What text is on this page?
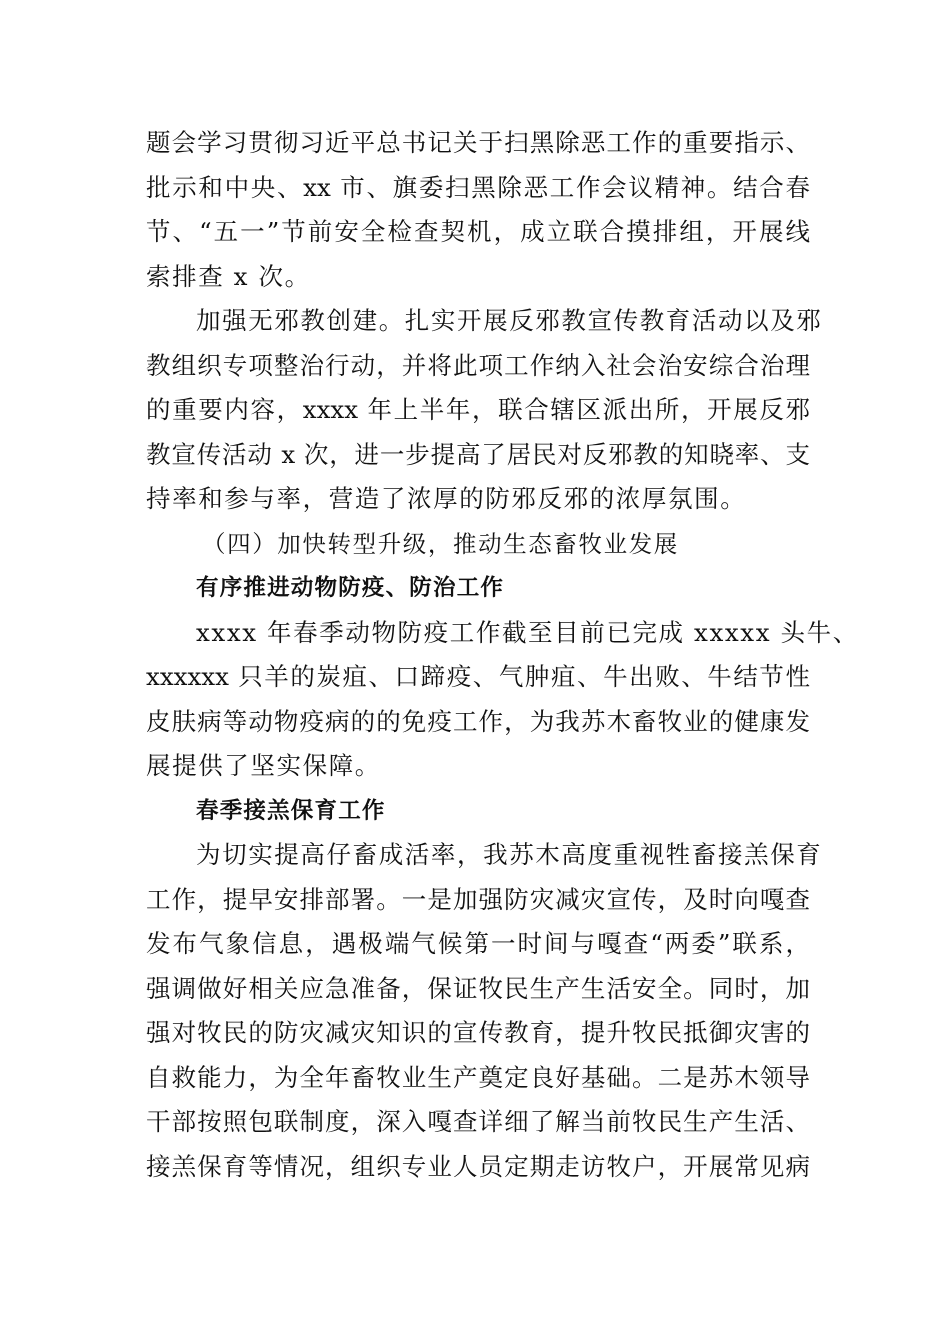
题会学习贯彻习近平总书记关于扫黑除恶工作的重要指示、
批示和中央、xx 市、旗委扫黑除恶工作会议精神。结合春
节、“五一”节前安全检查契机，成立联合摸排组，开展线
索排查 x 次。
加强无邪教创建。扎实开展反邪教宣传教育活动以及邪
教组织专项整治行动，并将此项工作纳入社会治安综合治理
的重要内容，xxxx 年上半年，联合辖区派出所，开展反邪
教宣传活动 x 次，进一步提高了居民对反邪教的知晓率、支
持率和参与率，营造了浓厚的防邪反邪的浓厚氛围。
（四）加快转型升级，推动生态畜牧业发展
有序推进动物防疫、防治工作
xxxx 年春季动物防疫工作截至目前已完成 xxxxx 头牛、
xxxxxx 只羊的炭疽、口蹄疫、气肿疽、牛出败、牛结节性
皮肤病等动物疫病的的免疫工作，为我苏木畜牧业的健康发
展提供了坚实保障。
春季接羔保育工作
为切实提高仔畜成活率，我苏木高度重视牲畜接羔保育
工作，提早安排部署。一是加强防灾减灾宣传，及时向嘎查
发布气象信息，遇极端气候第一时间与嘎查“两委”联系，
强调做好相关应急准备，保证牧民生产生活安全。同时，加
强对牧民的防灾减灾知识的宣传教育，提升牧民抵御灾害的
自救能力，为全年畜牧业生产奠定良好基础。二是苏木领导
干部按照包联制度，深入嘎查详细了解当前牧民生产生活、
接羔保育等情况，组织专业人员定期走访牧户，开展常见病
